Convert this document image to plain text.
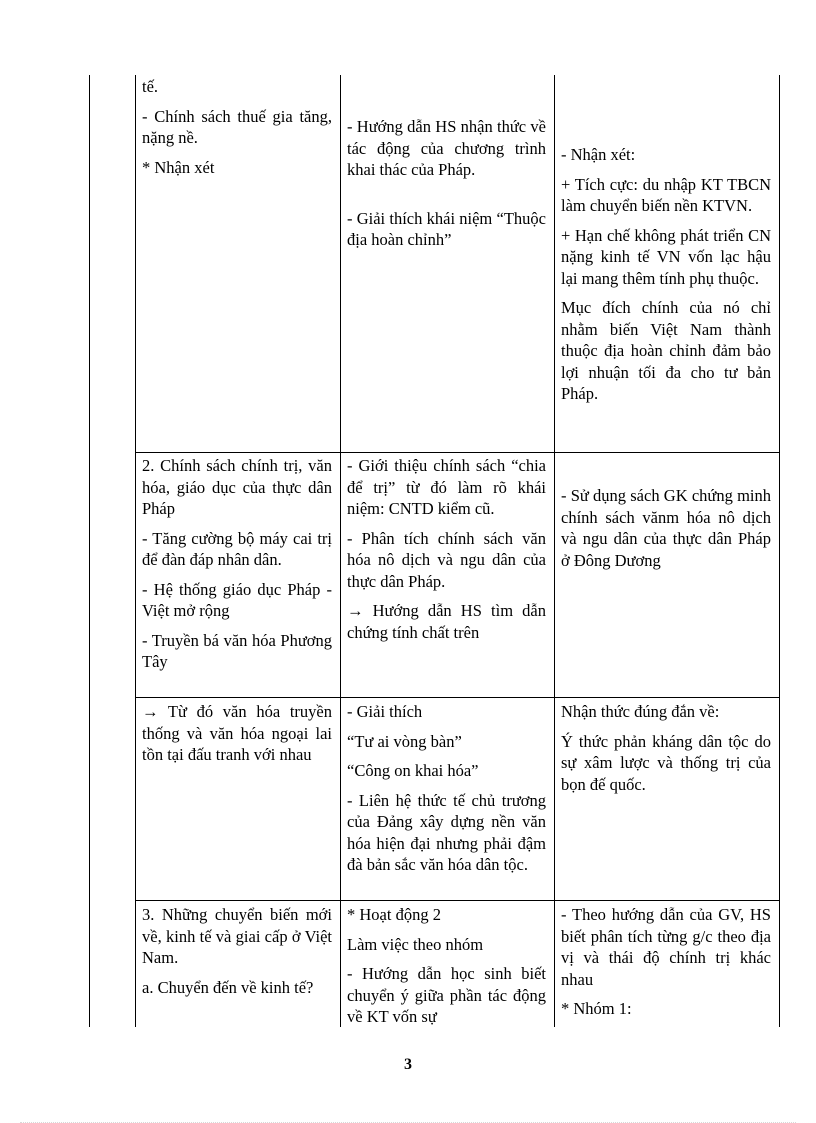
tế.

- Chính sách thuế gia tăng, nặng nề.

* Nhận xét

- Hướng dẫn HS nhận thức về tác động của chương trình khai thác của Pháp.

- Giải thích khái niệm “Thuộc địa hoàn chỉnh”

- Nhận xét:

+ Tích cực: du nhập KT TBCN làm chuyển biến nền KTVN.

+ Hạn chế không phát triển CN nặng kinh tế VN vốn lạc hậu lại mang thêm tính phụ thuộc.

Mục đích chính của nó chỉ nhằm biến Việt Nam thành thuộc địa hoàn chỉnh đảm bảo lợi nhuận tối đa cho tư bản Pháp.

2. Chính sách chính trị, văn hóa, giáo dục của thực dân Pháp

- Tăng cường bộ máy cai trị để đàn đáp nhân dân.

- Hệ thống giáo dục Pháp - Việt mở rộng

- Truyền bá văn hóa Phương Tây

- Giới thiệu chính sách “chia để trị” từ đó làm rõ khái niệm: CNTD kiểm cũ.

- Phân tích chính sách văn hóa nô dịch và ngu dân của thực dân Pháp.

→ Hướng dẫn HS tìm dẫn chứng tính chất trên

- Sử dụng sách GK chứng minh chính sách vănm hóa nô dịch và ngu dân của thực dân Pháp ở Đông Dương

→ Từ đó văn hóa truyền thống và văn hóa ngoại lai tồn tại đấu tranh với nhau

- Giải thích

“Tư ai vòng bàn”

“Công on khai hóa”

- Liên hệ thức tế chủ trương của Đảng xây dựng nền văn hóa hiện đại nhưng phải đậm đà bản sắc văn hóa dân tộc.

Nhận thức đúng đắn về:

Ý thức phản kháng dân tộc do sự xâm lược và thống trị của bọn đế quốc.

3. Những chuyển biến mới về, kinh tế và giai cấp ở Việt Nam.

a. Chuyển đến về kinh tế?

* Hoạt động 2

Làm việc theo nhóm

- Hướng dẫn học sinh biết chuyển ý giữa phần tác động về KT vốn sự

- Theo hướng dẫn của GV, HS biết phân tích từng g/c theo địa vị và thái độ chính trị khác nhau

* Nhóm 1:

3
